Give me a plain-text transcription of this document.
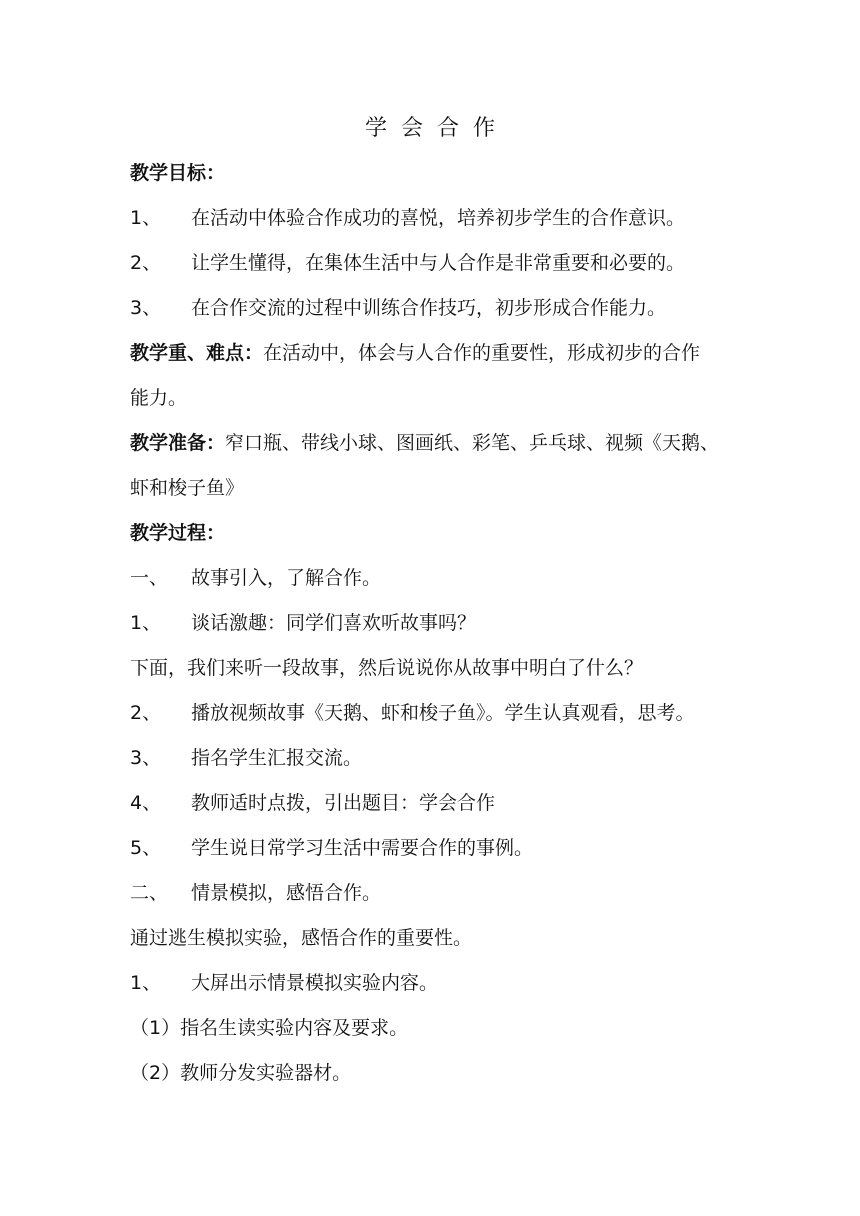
学会合作
教学目标：
1、 在活动中体验合作成功的喜悦，培养初步学生的合作意识。
2、 让学生懂得，在集体生活中与人合作是非常重要和必要的。
3、 在合作交流的过程中训练合作技巧，初步形成合作能力。
教学重、难点：在活动中，体会与人合作的重要性，形成初步的合作
能力。
教学准备：窄口瓶、带线小球、图画纸、彩笔、乒乓球、视频《天鹅、
虾和梭子鱼》
教学过程：
一、 故事引入，了解合作。
1、 谈话激趣：同学们喜欢听故事吗？
下面，我们来听一段故事，然后说说你从故事中明白了什么？
2、 播放视频故事《天鹅、虾和梭子鱼》。学生认真观看，思考。
3、 指名学生汇报交流。
4、 教师适时点拨，引出题目：学会合作
5、 学生说日常学习生活中需要合作的事例。
二、 情景模拟，感悟合作。
通过逃生模拟实验，感悟合作的重要性。
1、 大屏出示情景模拟实验内容。
（1）指名生读实验内容及要求。
（2）教师分发实验器材。
